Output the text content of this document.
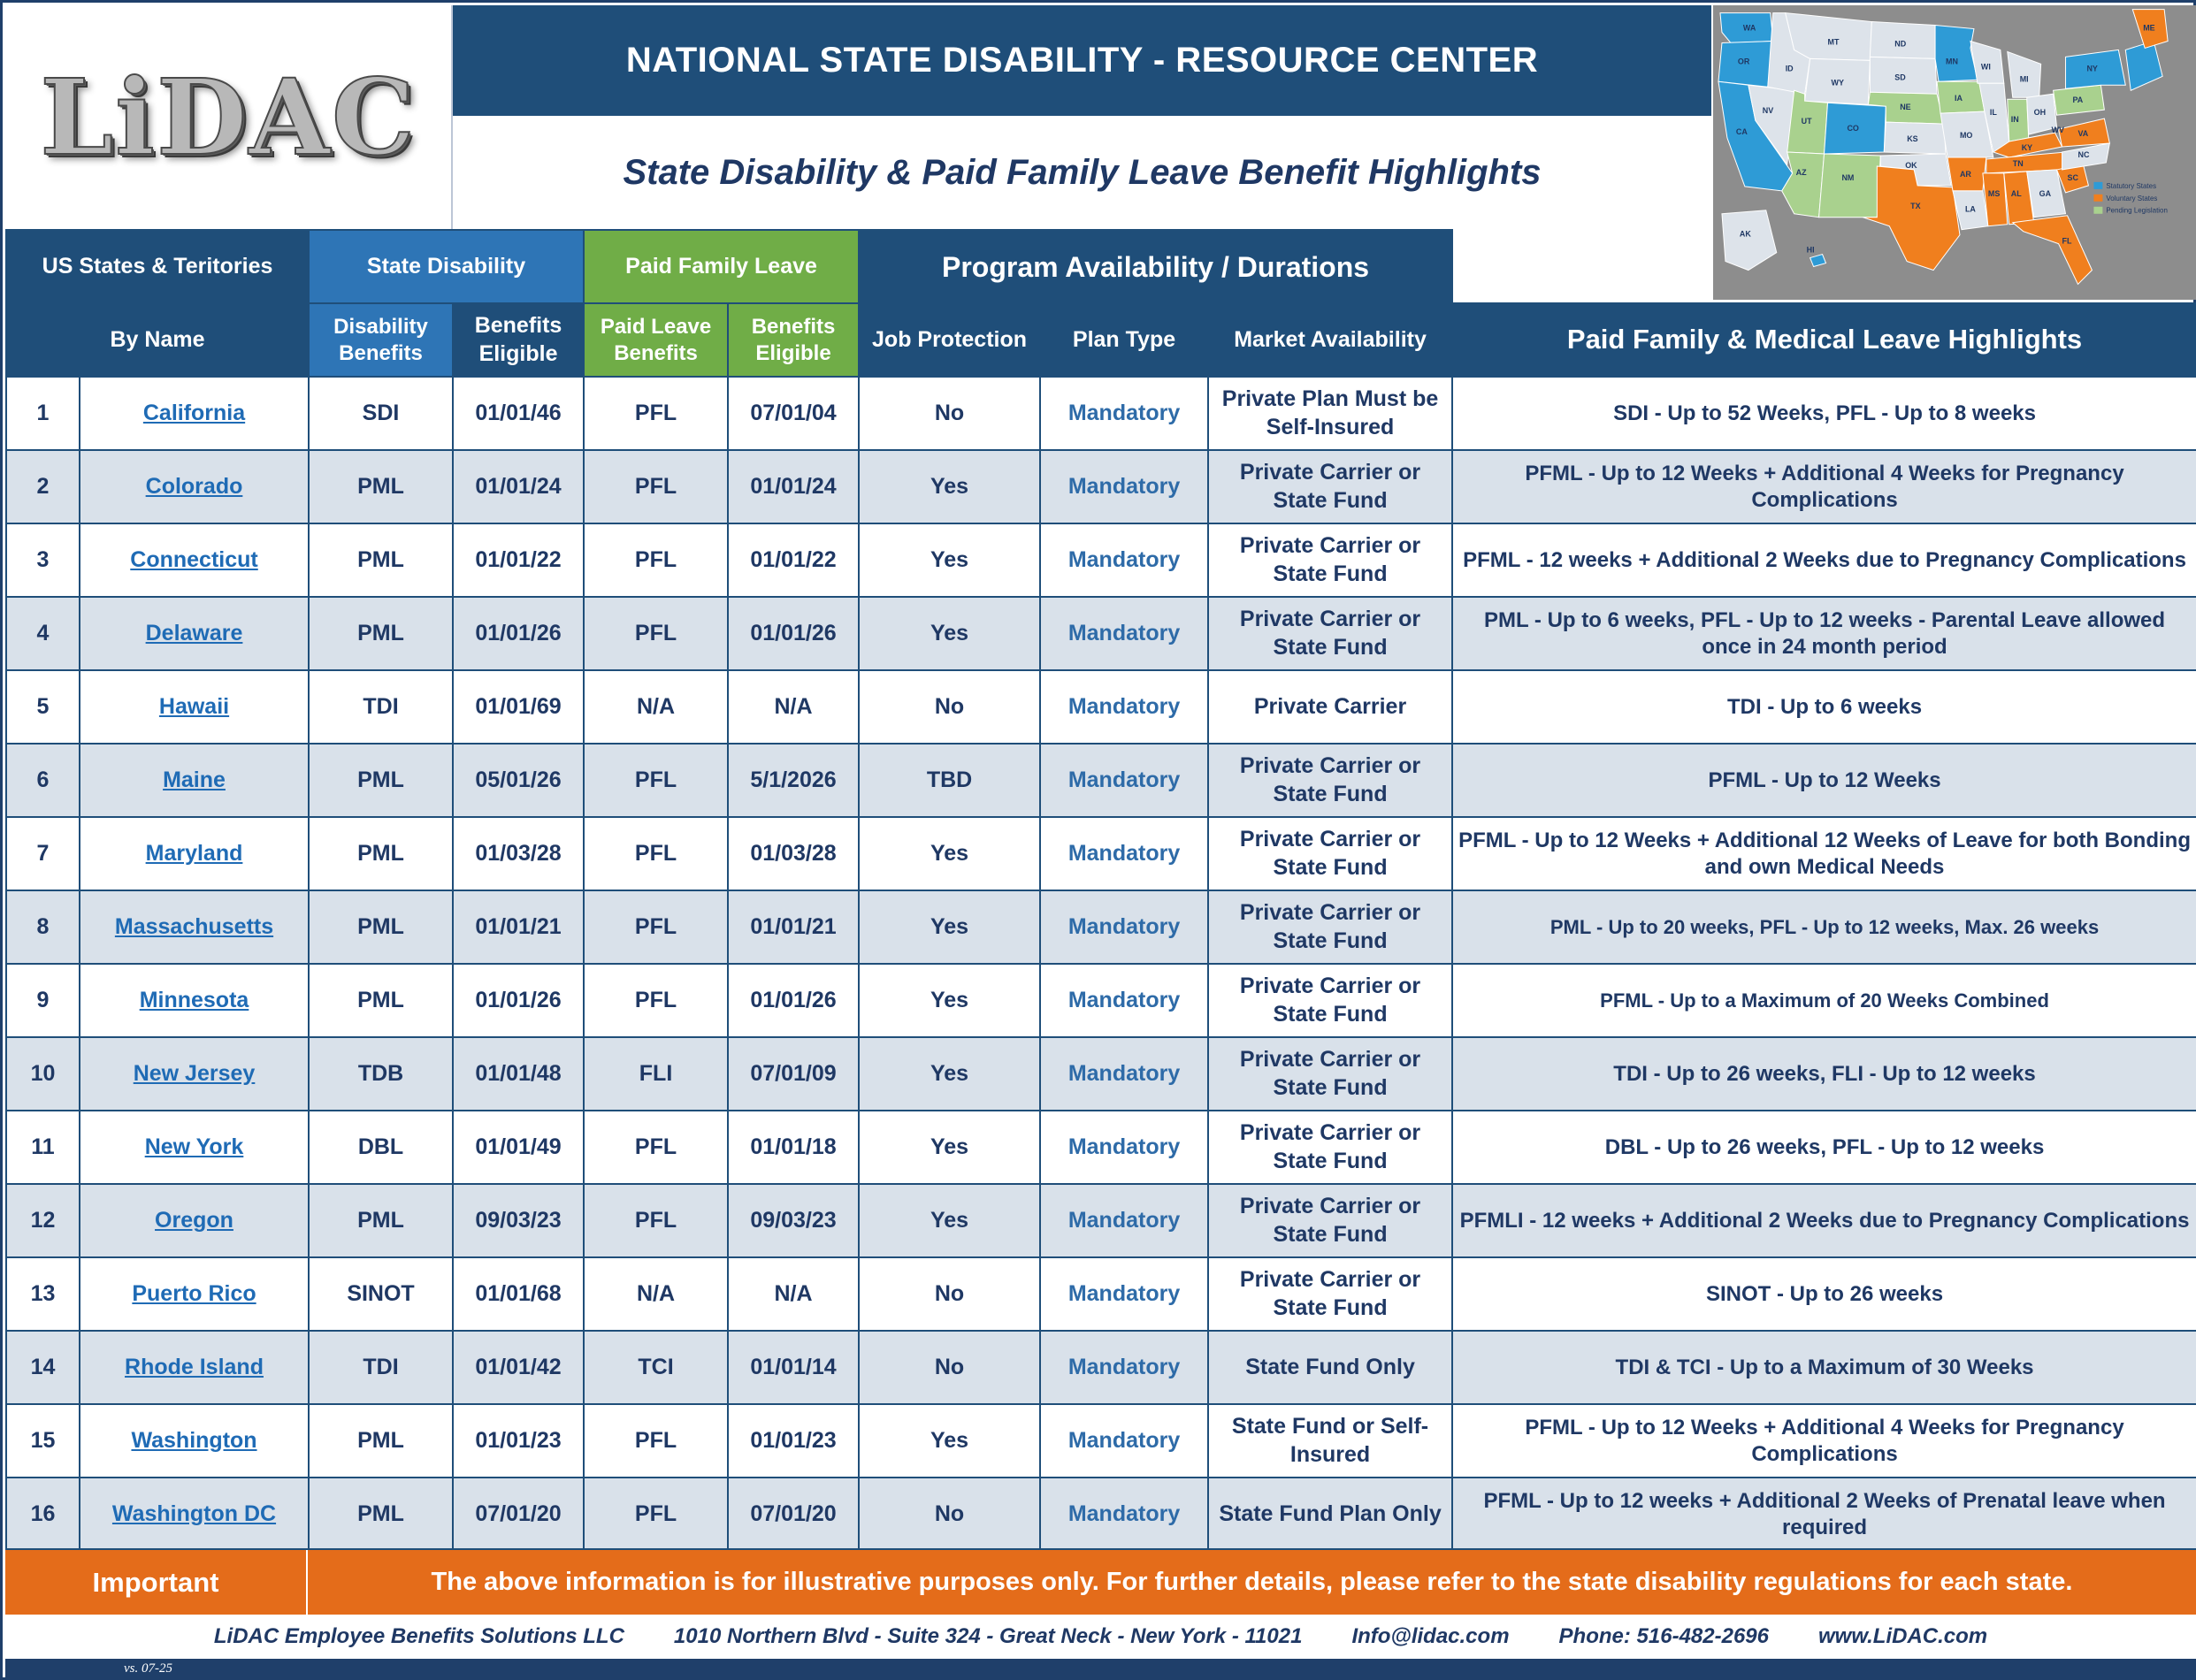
LiDAC	NATIONAL STATE DISABILITY - RESOURCE CENTER
State Disability & Paid Family Leave Benefit Highlights	Statutory States
Voluntary States
Pending Legislation
WA
OR
CA
NV
ID
MT
WY
UT
AZ
NM
CO
ND
SD
NE
KS
OK
TX
MN
IA
MO
AR
LA
WI
IL
MI
IN
OH
KY
TN
MS AL GA
FL
SC
NC
VA
WV
PA
NY
ME
AK
HI
US States & Teritories		State Disability		Paid Family Leave		Program Availability / Durations			
By Name		Disability Benefits	Benefits Eligible	Paid Leave Benefits	Benefits Eligible	Job Protection	Plan Type	Market Availability	Paid Family & Medical Leave Highlights
1	California	SDI	01/01/46	PFL	07/01/04	No	Mandatory	Private Plan Must be Self-Insured	SDI - Up to 52 Weeks, PFL - Up to 8 weeks
2	Colorado	PML	01/01/24	PFL	01/01/24	Yes	Mandatory	Private Carrier or State Fund	PFML - Up to 12 Weeks + Additional 4 Weeks for Pregnancy Complications
3	Connecticut	PML	01/01/22	PFL	01/01/22	Yes	Mandatory	Private Carrier or State Fund	PFML - 12 weeks + Additional 2 Weeks due to Pregnancy Complications
4	Delaware	PML	01/01/26	PFL	01/01/26	Yes	Mandatory	Private Carrier or State Fund	PML - Up to 6 weeks, PFL - Up to 12 weeks - Parental Leave allowed once in 24 month period
5	Hawaii	TDI	01/01/69	N/A	N/A	No	Mandatory	Private Carrier	TDI - Up to 6 weeks
6	Maine	PML	05/01/26	PFL	5/1/2026	TBD	Mandatory	Private Carrier or State Fund	PFML - Up to 12 Weeks
7	Maryland	PML	01/03/28	PFL	01/03/28	Yes	Mandatory	Private Carrier or State Fund	PFML - Up to 12 Weeks + Additional 12 Weeks of Leave for both Bonding and own Medical Needs
8	Massachusetts	PML	01/01/21	PFL	01/01/21	Yes	Mandatory	Private Carrier or State Fund	PML - Up to 20 weeks, PFL - Up to 12 weeks, Max. 26 weeks
9	Minnesota	PML	01/01/26	PFL	01/01/26	Yes	Mandatory	Private Carrier or State Fund	PFML - Up to a Maximum of 20 Weeks Combined
10	New Jersey	TDB	01/01/48	FLI	07/01/09	Yes	Mandatory	Private Carrier or State Fund	TDI - Up to 26 weeks, FLI - Up to 12 weeks
11	New York	DBL	01/01/49	PFL	01/01/18	Yes	Mandatory	Private Carrier or State Fund	DBL - Up to 26 weeks, PFL - Up to 12 weeks
12	Oregon	PML	09/03/23	PFL	09/03/23	Yes	Mandatory	Private Carrier or State Fund	PFMLI - 12 weeks + Additional 2 Weeks due to Pregnancy Complications
13	Puerto Rico	SINOT	01/01/68	N/A	N/A	No	Mandatory	Private Carrier or State Fund	SINOT - Up to 26 weeks
14	Rhode Island	TDI	01/01/42	TCI	01/01/14	No	Mandatory	State Fund Only	TDI & TCI - Up to a Maximum of 30 Weeks
15	Washington	PML	01/01/23	PFL	01/01/23	Yes	Mandatory	State Fund or Self-Insured	PFML - Up to 12 Weeks + Additional 4 Weeks for Pregnancy Complications
16	Washington DC	PML	07/01/20	PFL	07/01/20	No	Mandatory	State Fund Plan Only	PFML - Up to 12 weeks + Additional 2 Weeks of Prenatal leave when required
Important	The above information is for illustrative purposes only. For further details, please refer to the state disability regulations for each state.
LiDAC Employee Benefits Solutions LLC 1010 Northern Blvd - Suite 324 - Great Neck - New York - 11021 Info@lidac.com Phone: 516-482-2696 www.LiDAC.com
vs. 07-25
